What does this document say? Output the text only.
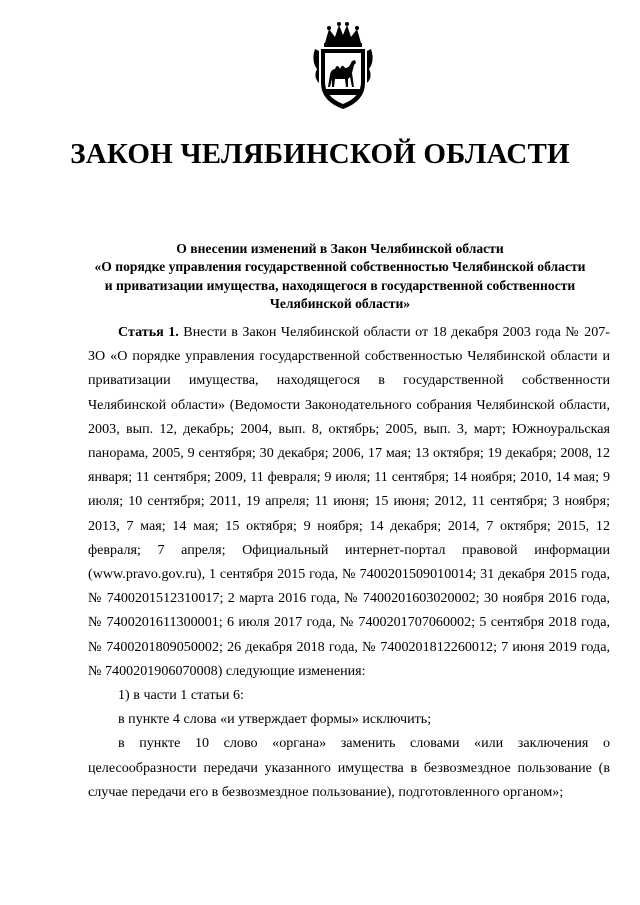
ЗАКОН ЧЕЛЯБИНСКОЙ ОБЛАСТИ
О внесении изменений в Закон Челябинской области
«О порядке управления государственной собственностью Челябинской области
и приватизации имущества, находящегося в государственной собственности
Челябинской области»

Статья 1. Внести в Закон Челябинской области от 18 декабря 2003 года № 207-ЗО «О порядке управления государственной собственностью Челябинской области и приватизации имущества, находящегося в государственной собственности Челябинской области» (Ведомости Законодательного собрания Челябинской области, 2003, вып. 12, декабрь; 2004, вып. 8, октябрь; 2005, вып. 3, март; Южноуральская панорама, 2005, 9 сентября; 30 декабря; 2006, 17 мая; 13 октября; 19 декабря; 2008, 12 января; 11 сентября; 2009, 11 февраля; 9 июля; 11 сентября; 14 ноября; 2010, 14 мая; 9 июля; 10 сентября; 2011, 19 апреля; 11 июня; 15 июня; 2012, 11 сентября; 3 ноября; 2013, 7 мая; 14 мая; 15 октября; 9 ноября; 14 декабря; 2014, 7 октября; 2015, 12 февраля; 7 апреля; Официальный интернет-портал правовой информации (www.pravo.gov.ru), 1 сентября 2015 года, № 7400201509010014; 31 декабря 2015 года, № 7400201512310017; 2 марта 2016 года, № 7400201603020002; 30 ноября 2016 года, № 7400201611300001; 6 июля 2017 года, № 7400201707060002; 5 сентября 2018 года, № 7400201809050002; 26 декабря 2018 года, № 7400201812260012; 7 июня 2019 года, № 7400201906070008) следующие изменения:

1) в части 1 статьи 6:

в пункте 4 слова «и утверждает формы» исключить;

в пункте 10 слово «органа» заменить словами «или заключения о целесообразности передачи указанного имущества в безвозмездное пользование (в случае передачи его в безвозмездное пользование), подготовленного органом»;
